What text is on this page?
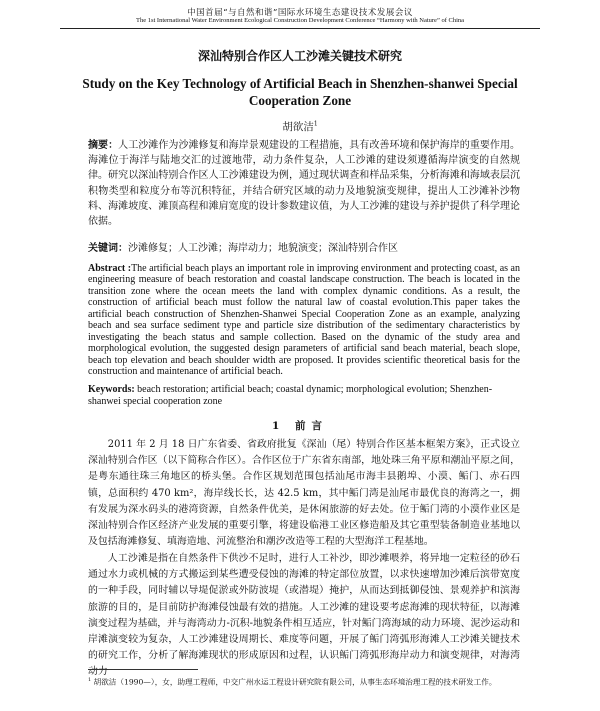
中国首届“与自然和谐”国际水环境生态建设技术发展会议
The 1st International Water Environment Ecological Construction Development Conference “Harmony with Nature” of China
深汕特别合作区人工沙滩关键技术研究
Study on the Key Technology of Artificial Beach in Shenzhen-shanwei Special Cooperation Zone
胡欲洁$^1$
摘要：人工沙滩作为沙滩修复和海岸景观建设的工程措施，具有改善环境和保护海岸的重要作用。海滩位于海洋与陆地交汇的过渡地带，动力条件复杂，人工沙滩的建设须遵循海岸演变的自然规律。研究以深汕特别合作区人工沙滩建设为例，通过现状调查和样品采集，分析海滩和海域表层沉积物类型和粒度分布等沉积特征，并结合研究区域的动力及地貌演变规律，提出人工沙滩补沙物料、海滩坡度、滩顶高程和滩肩宽度的设计参数建议值，为人工沙滩的建设与养护提供了科学理论依据。
关键词：沙滩修复；人工沙滩；海岸动力；地貌演变；深汕特别合作区
Abstract :The artificial beach plays an important role in improving environment and protecting coast, as an engineering measure of beach restoration and coastal landscape construction. The beach is located in the transition zone where the ocean meets the land with complex dynamic conditions. As a result, the construction of artificial beach must follow the natural law of coastal evolution.This paper takes the artificial beach construction of Shenzhen-Shanwei Special Cooperation Zone as an example, analyzing beach and sea surface sediment type and particle size distribution of the sedimentary characteristics by investigating the beach status and sample collection. Based on the dynamic of the study area and morphological evolution, the suggested design parameters of artificial sand beach material, beach slope, beach top elevation and beach shoulder width are proposed. It provides scientific theoretical basis for the construction and maintenance of artificial beach.
Keywords: beach restoration; artificial beach; coastal dynamic; morphological evolution; Shenzhen-shanwei special cooperation zone
1 前言
2011 年 2 月 18 日广东省委、省政府批复《深汕（尾）特别合作区基本框架方案》，正式设立深汕特别合作区（以下简称合作区）。合作区位于广东省东南部，地处珠三角平原和潮汕平原之间，是粤东通往珠三角地区的桥头堡。合作区规划范围包括汕尾市海丰县鹅埠、小漠、鲘门、赤石四镇，总面积约 470 km²，海岸线长长，达 42.5 km，其中鲘门湾是汕尾市最优良的海湾之一，拥有发展为深水码头的港湾资源，自然条件优美，是休闲旅游的好去处。位于鲘门湾的小漠作业区是深汕特别合作区经济产业发展的重要引擎，将建设临港工业区修造船及其它重型装备制造业基地以及包括海滩修复、填海造地、河流整治和潮汐改造等工程的大型海洋工程基地。
人工沙滩是指在自然条件下供沙不足时，进行人工补沙，即沙滩喂养，将异地一定粒径的砂石通过水力或机械的方式搬运到某些遭受侵蚀的海滩的特定部位放置，以求快速增加沙滩后滨带宽度的一种手段，同时辅以导堤促淤或外防波堤（或潜堤）掩护，从而达到抵御侵蚀、景观养护和滨海旅游的目的，是目前防护海滩侵蚀最有效的措施。人工沙滩的建设要考虑海滩的现状特征，以海滩演变过程为基础，并与海湾动力-沉积-地貌条件相互适应，针对鲘门湾海域的动力环境、泥沙运动和岸滩演变较为复杂，人工沙滩建设周期长、难度等问题，开展了鲘门湾弧形海滩人工沙滩关键技术的研究工作，分析了解海滩现状的形成原因和过程，认识鲘门湾弧形海岸动力和演变规律，对海湾动力
$^1$ 胡欲洁（1990—），女，助理工程师，中交广州水运工程设计研究院有限公司，从事生态环境治理工程的技术研发工作。
